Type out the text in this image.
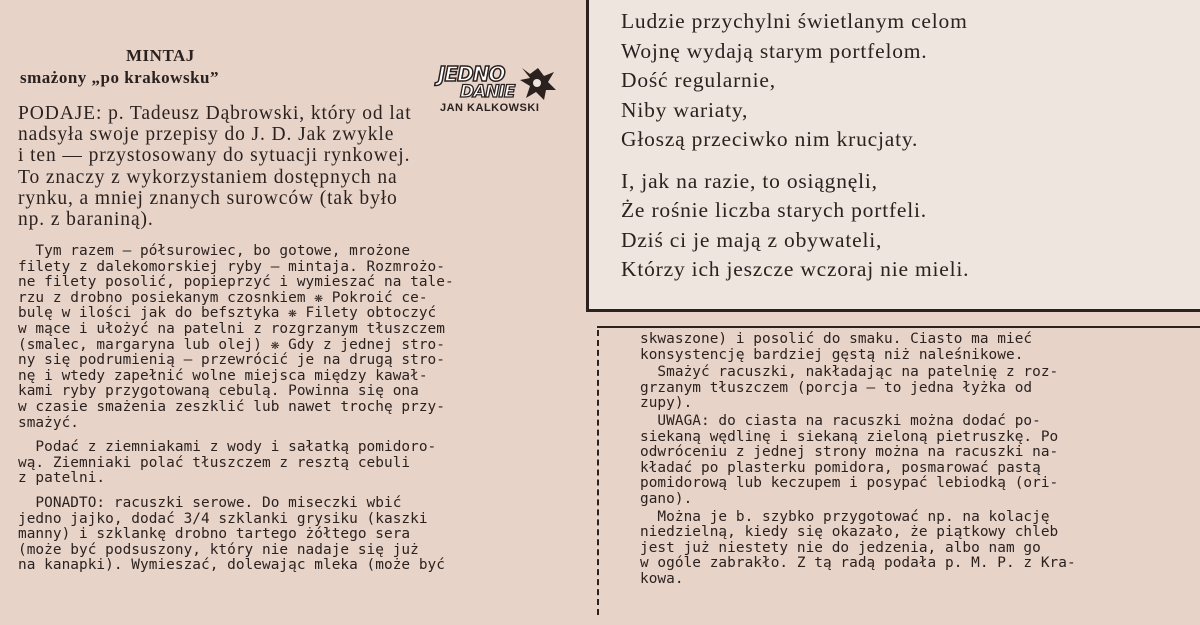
MINTAJ
smażony „po krakowsku”	JEDNO
DANIE
JAN KALKOWSKI

PODAJE: p. Tadeusz Dąbrowski, który od lat

nadsyła swoje przepisy do J. D. Jak zwykle

i ten — przystosowany do sytuacji rynkowej.

To znaczy z wykorzystaniem dostępnych na

rynku, a mniej znanych surowców (tak było

np. z baraniną).

Tym razem — półsurowiec, bo gotowe, mrożone

filety z dalekomorskiej ryby — mintaja. Rozmrożo-

ne filety posolić, popieprzyć i wymieszać na tale-

rzu z drobno posiekanym czosnkiem ❋ Pokroić ce-

bulę w ilości jak do befsztyka ❋ Filety obtoczyć

w mące i ułożyć na patelni z rozgrzanym tłuszczem

(smalec, margaryna lub olej) ❋ Gdy z jednej stro-

ny się podrumienią — przewrócić je na drugą stro-

nę i wtedy zapełnić wolne miejsca między kawał-

kami ryby przygotowaną cebulą. Powinna się ona

w czasie smażenia zeszklić lub nawet trochę przy-

smażyć.

Podać z ziemniakami z wody i sałatką pomidoro-

wą. Ziemniaki polać tłuszczem z resztą cebuli

z patelni.

PONADTO: racuszki serowe. Do miseczki wbić

jedno jajko, dodać 3/4 szklanki grysiku (kaszki

manny) i szklankę drobno tartego żółtego sera

(może być podsuszony, który nie nadaje się już

na kanapki). Wymieszać, dolewając mleka (może być

Ludzie przychylni świetlanym celom

Wojnę wydają starym portfelom.

Dość regularnie,

Niby wariaty,

Głoszą przeciwko nim krucjaty.

I, jak na razie, to osiągnęli,

Że rośnie liczba starych portfeli.

Dziś ci je mają z obywateli,

Którzy ich jeszcze wczoraj nie mieli.

skwaszone) i posolić do smaku. Ciasto ma mieć

konsystencję bardziej gęstą niż naleśnikowe.

Smażyć racuszki, nakładając na patelnię z roz-

grzanym tłuszczem (porcja — to jedna łyżka od

zupy).

UWAGA: do ciasta na racuszki można dodać po-

siekaną wędlinę i siekaną zieloną pietruszkę. Po

odwróceniu z jednej strony można na racuszki na-

kładać po plasterku pomidora, posmarować pastą

pomidorową lub keczupem i posypać lebiodką (ori-

gano).

Można je b. szybko przygotować np. na kolację

niedzielną, kiedy się okazało, że piątkowy chleb

jest już niestety nie do jedzenia, albo nam go

w ogóle zabrakło. Z tą radą podała p. M. P. z Kra-

kowa.
